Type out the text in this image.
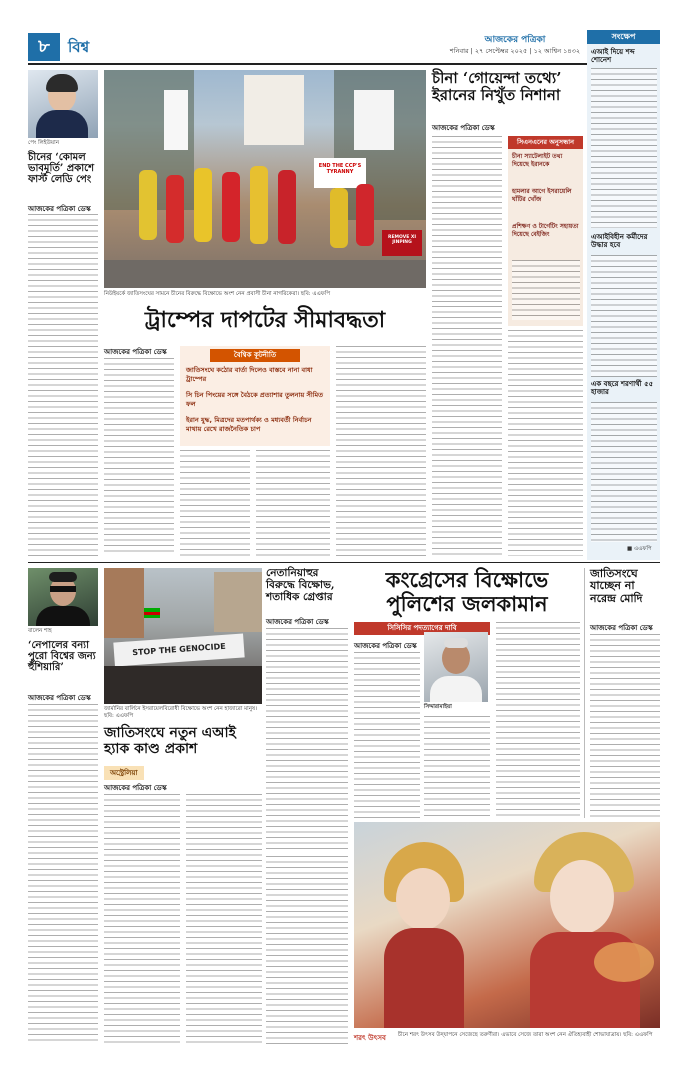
৮	বিশ্ব	আজকের পত্রিকা
শনিবার | ২৭ সেপ্টেম্বর ২০২৫ | ১২ আশ্বিন ১৪৩২
সংক্ষেপ
এআই দিয়ে শব্দ শোনেশ
এআইবিহীন কর্মীদের উদ্ধার হবে
এক বছরে শরণার্থী ৫৫ হাজার
■ এএফপি
পেং লিইউয়ান
চীনের ‘কোমল ভাবমূর্তি’ প্রকাশে ফার্স্ট লেডি পেং
আজকের পত্রিকা ডেস্ক
END THE CCP'S TYRANNY
REMOVE XI JINPING
নিউইয়র্কে জাতিসংঘের সামনে চীনের বিরুদ্ধে বিক্ষোভে অংশ নেন প্রবাসী চীনা নাগরিকেরা। ছবি: এএফপি
চীনা ‘গোয়েন্দা তথ্যে’ ইরানের নিখুঁত নিশানা
আজকের পত্রিকা ডেস্ক
সিএনএনের অনুসন্ধান
চীনা স্যাটেলাইট তথ্য দিয়েছে ইরানকে
হামলার আগে ইসরায়েলি ঘাঁটির খোঁজ
প্রশিক্ষণ ও টার্গেটিং সহায়তা দিয়েছে বেইজিং
ট্রাম্পের দাপটের সীমাবদ্ধতা
আজকের পত্রিকা ডেস্ক	বৈশ্বিক কূটনীতি
জাতিসংঘে কঠোর বার্তা দিলেও বাস্তবে নানা বাধা ট্রাম্পের
সি চিন পিংয়ের সঙ্গে বৈঠকে প্রত্যাশার তুলনায় সীমিত ফল
ইরান যুদ্ধ, মিত্রদের মতপার্থক্য ও মধ্যবর্তী নির্বাচন মাথায় রেখে রাজনৈতিক চাপ
বালেন শাহ
‘নেপালের বন্যা পুরো বিশ্বের জন্য হুঁশিয়ারি’
আজকের পত্রিকা ডেস্ক
STOP THE GENOCIDE
জার্মানির বার্লিনে ইসরায়েলবিরোধী বিক্ষোভে অংশ নেন হাজারো মানুষ। ছবি: এএফপি
নেতানিয়াহুর বিরুদ্ধে বিক্ষোভ, শতাধিক গ্রেপ্তার
আজকের পত্রিকা ডেস্ক
জাতিসংঘে নতুন এআই হ্যাক কাণ্ড প্রকাশ
অস্ট্রেলিয়া
আজকের পত্রিকা ডেস্ক
কংগ্রেসের বিক্ষোভে পুলিশের জলকামান
সিসিসির পদত্যাগের দাবি
আজকের পত্রিকা ডেস্ক
সিদ্দারামাইয়া
জাতিসংঘে যাচ্ছেন না নরেন্দ্র মোদি
আজকের পত্রিকা ডেস্ক
শরৎ উৎসব চীনে শরৎ উৎসব উদ্‌যাপনে সেজেছে তরুণীরা। এভাবে সেজে তারা অংশ নেন ঐতিহ্যবাহী শোভাযাত্রায়। ছবি: এএফপি
